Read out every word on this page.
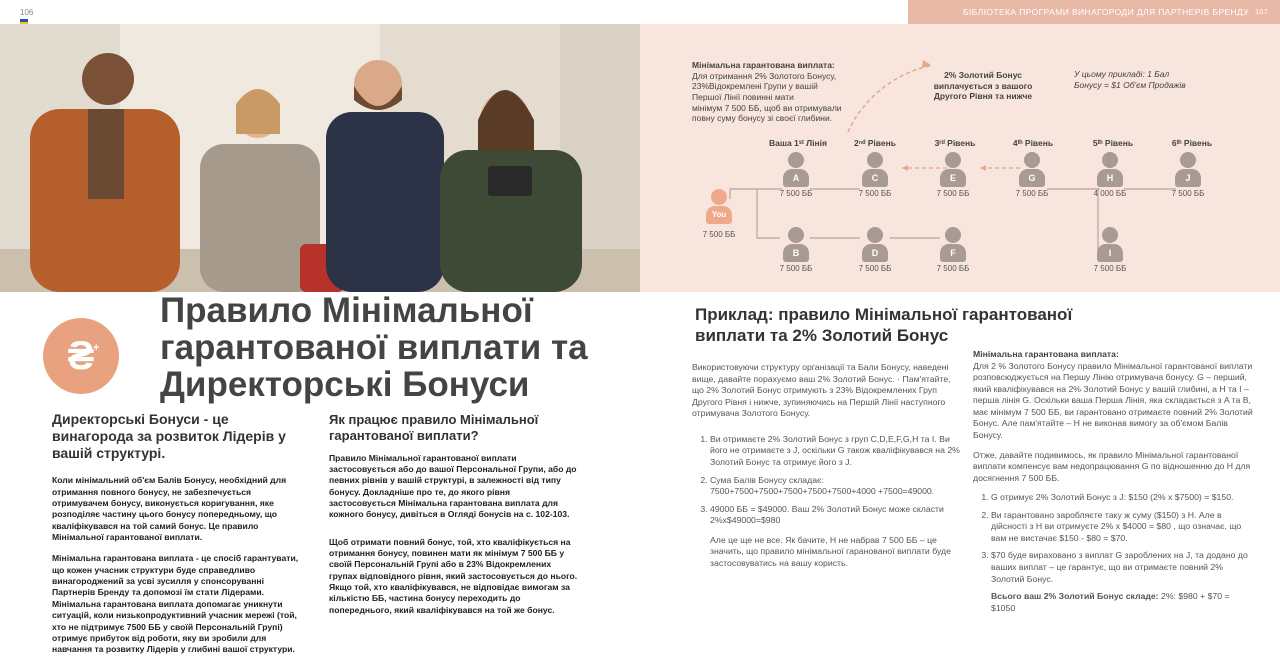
106	БІБЛІОТЕКА ПРОГРАМИ ВИНАГОРОДИ ДЛЯ ПАРТНЕРІВ БРЕНДУ 107
Мінімальна гарантована виплата:
Для отримання 2% Золотого Бонусу,
23%Відокремлені Групи у вашій
Першої Лінії повинні мати
мінімум 7 500 ББ, щоб ви отримували
повну суму бонусу зі своєї глибини.
2% Золотий Бонус
виплачується з вашого
Другого Рівня та нижче
У цьому прикладі: 1 Бал
Бонусу = $1 Об'єм Продажів
Ваша 1ˢᵗ Лінія	2ⁿᵈ Рівень	3ʳᵈ Рівень	4ᵗʰ Рівень	5ᵗʰ Рівень	6ᵗʰ Рівень
You
7 500 ББ
A
7 500 ББ
C
7 500 ББ
E
7 500 ББ
G
7 500 ББ
H
4 000 ББ
J
7 500 ББ
B
7 500 ББ
D
7 500 ББ
F
7 500 ББ
I
7 500 ББ
₴
+
Правило Мінімальної
гарантованої виплати та
Директорські Бонуси
Директорські Бонуси - це винагорода за розвиток Лідерів у вашій структурі.

Коли мінімальний об'єм Балів Бонусу, необхідний для отримання повного бонусу, не забезпечується отримувачем бонусу, виконується коригування, яке розподіляє частину цього бонусу попередньому, що кваліфікувався на той самий бонус. Це правило Мінімальної гарантованої виплати.

Мінімальна гарантована виплата - це спосіб гарантувати, що кожен учасник структури буде справедливо винагороджений за усві зусилля у спонсоруванні Партнерів Бренду та допомозі їм стати Лідерами. Мінімальна гарантована виплата допомагає уникнути ситуацій, коли низькопродуктивний учасник мережі (той, хто не підтримує 7500 ББ у своїй Персональній Групі) отримує прибуток від роботи, яку ви зробили для навчання та розвитку Лідерів у глибині вашої структури.

Як працює правило Мінімальної гарантованої виплати?

Правило Мінімальної гарантованої виплати застосовується або до вашої Персональної Групи, або до певних рівнів у вашій структурі, в залежності від типу бонусу. Докладніше про те, до якого рівня застосовується Мінімальна гарантована виплата для кожного бонусу, дивіться в Огляді бонусів на с. 102-103.

Щоб отримати повний бонус, той, хто кваліфікується на отримання бонусу, повинен мати як мінімум 7 500 ББ у своїй Персональній Групі або в 23% Відокремлених групах відповідного рівня, який застосовується до нього. Якщо той, хто кваліфікувався, не відповідає вимогам за кількістю ББ, частина бонусу переходить до попереднього, який кваліфікувався на той же бонус.

Приклад: правило Мінімальної гарантованої
виплати та 2% Золотий Бонус

Використовуючи структуру організації та Бали Бонусу, наведені вище, давайте порахуємо ваш 2% Золотий Бонус. · Пам'ятайте, що 2% Золотий Бонус отримують з 23% Відокремлених Груп Другого Рівня і нижче, зупиняючись на Першій Лінії наступного отримувача Золотого Бонусу.

1. Ви отримаєте 2% Золотий Бонус з груп C,D,E,F,G,H та I. Ви його не отримаєте з J, оскільки G також кваліфікувався на 2% Золотий Бонус та отримує його з J.
2. Сума Балів Бонусу складає: 7500+7500+7500+7500+7500+7500+4000 +7500=49000.
3. 49000 ББ = $49000. Ваш 2% Золотий Бонус може скласти 2%x$49000=$980

Але це ще не все. Як бачите, H не набрав 7 500 ББ – це значить, що правило мінімальної гаранованої виплати буде застосовуватись на вашу користь.

Мінімальна гарантована виплата:

Для 2 % Золотого Бонусу правило Мінімальної гарантованої виплати розповсюджується на Першу Лінію отримувача бонусу. G – перший, який кваліфікувався на 2% Золотий Бонус у вашій глибині, а H та I – перша лінія G. Оскільки ваша Перша Лінія, яка складається з A та B, має мінімум 7 500 ББ, ви гарантовано отримаєте повний 2% Золотий Бонус. Але пам'ятайте – H не виконав вимогу за об'ємом Балів Бонусу.

Отже, давайте подивимось, як правило Мінімальної гарантованої виплати компенсує вам недопрацювання G по відношенню до H для досягнення 7 500 ББ.

1. G отримує 2% Золотий Бонус з J: $150 (2% x $7500) = $150.
2. Ви гарантовано заробляєте таку ж суму ($150) з H. Але в дійсності з H ви отримуєте 2% x $4000 = $80 , що означає, що вам не вистачає $150 - $80 = $70.
3. $70 буде вираховано з виплат G зароблених на J, та додано до ваших виплат – це гарантує, що ви отримаєте повний 2% Золотий Бонус.
Всього ваш 2% Золотий Бонус складе: 2%: $980 + $70 = $1050
